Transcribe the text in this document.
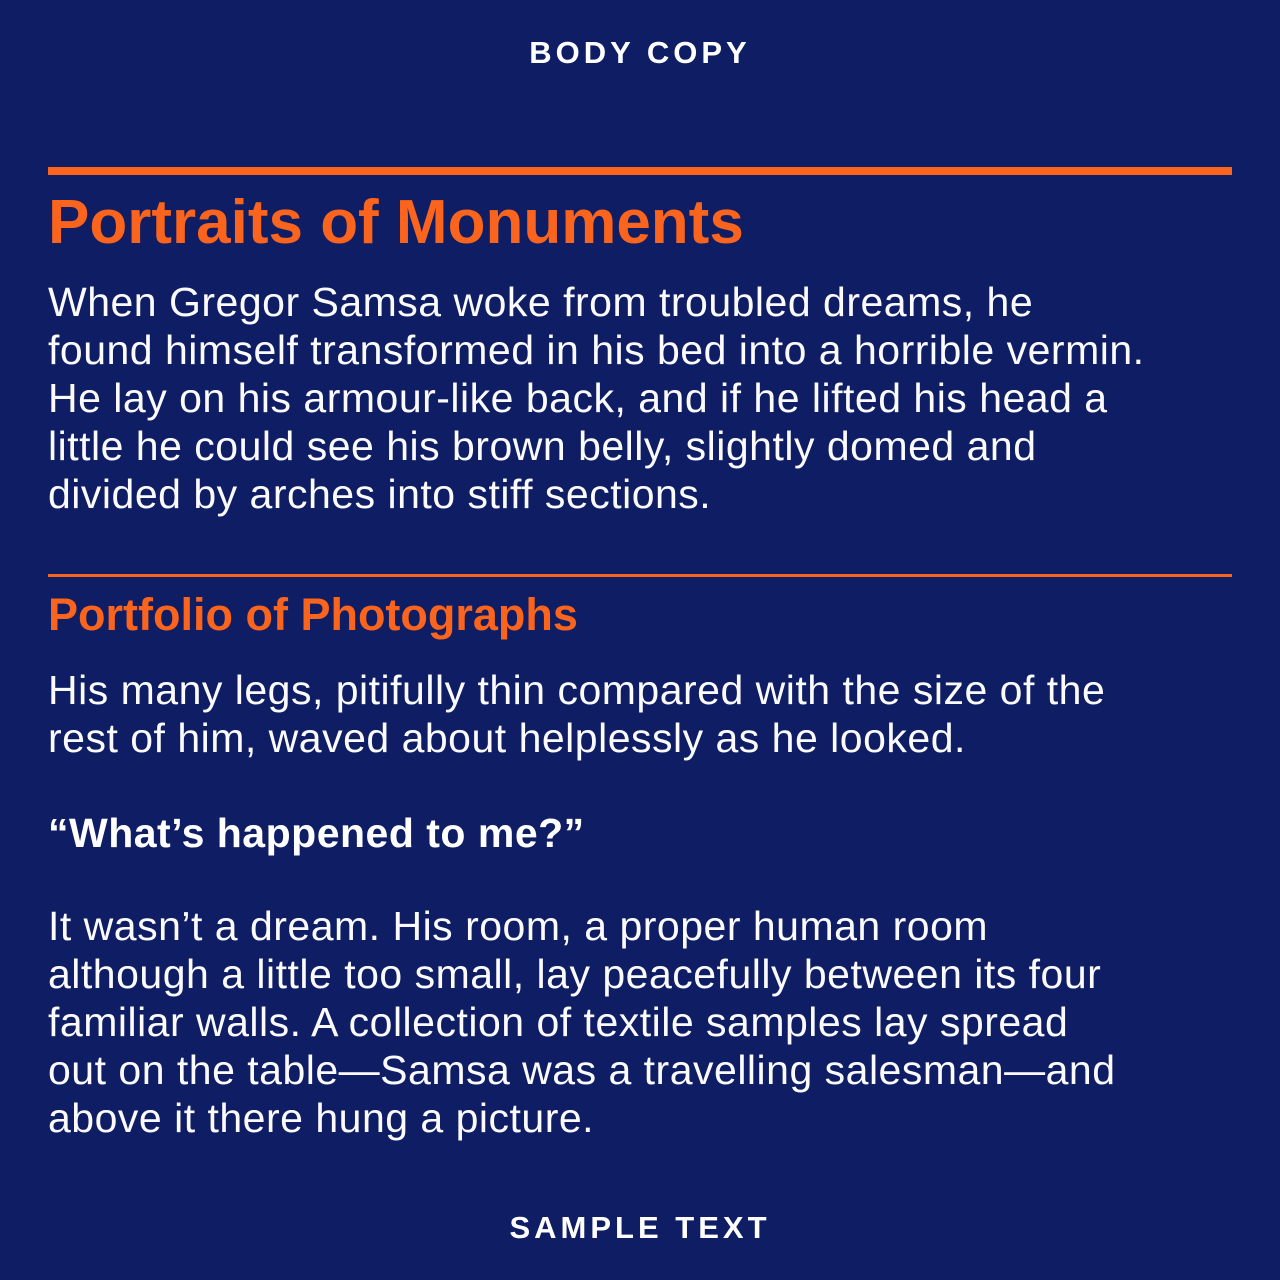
BODY COPY
Portraits of Monuments

When Gregor Samsa woke from troubled dreams, he
found himself transformed in his bed into a horrible vermin.
He lay on his armour-like back, and if he lifted his head a
little he could see his brown belly, slightly domed and
divided by arches into stiff sections.

Portfolio of Photographs

His many legs, pitifully thin compared with the size of the
rest of him, waved about helplessly as he looked.

“What’s happened to me?”

It wasn’t a dream. His room, a proper human room
although a little too small, lay peacefully between its four
familiar walls. A collection of textile samples lay spread
out on the table—Samsa was a travelling salesman—and
above it there hung a picture.

SAMPLE TEXT
